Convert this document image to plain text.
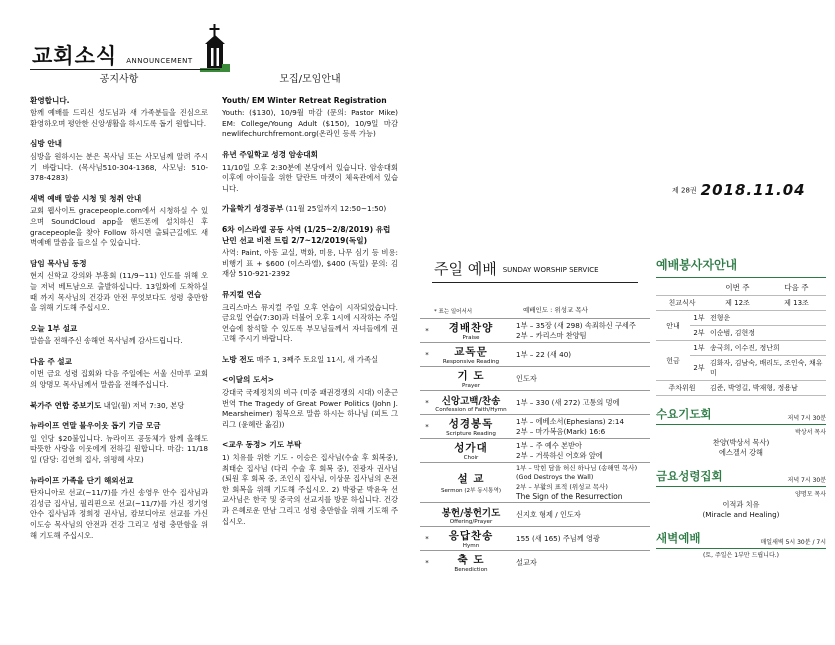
교회소식 ANNOUNCEMENT
공지사항
환영합니다.
함께 예배를 드리신 성도님과 새 가족분들을 진심으로 환영하오며 평안한 신앙생활을 하시도록 돕기 원합니다.
심방 안내
심방을 원하시는 분은 목사님 또는 사모님께 알려 주시기 바랍니다. (목사님510-304-1368, 사모님: 510-378-4283)
새벽 예배 말씀 시청 및 청취 안내
교회 웹사이트 gracepeople.com에서 시청하실 수 있으며 SoundCloud app을 핸드폰에 설치하신 후 gracepeople을 찾아 Follow 하시면 출퇴근길에도 새벽예배 말씀을 들으실 수 있습니다.
담임 목사님 동정
현지 신학교 강의와 부흥회 (11/9~11) 인도를 위해 오늘 저녁 베트남으로 출발하십니다. 13일화에 도착하실 때 까지 목사님의 건강과 안전 무엇보다도 성령 충만함을 위해 기도해 주십시오.
오늘 1부 설교
말씀을 전해주신 송해연 목사님께 감사드립니다.
다음 주 설교
이번 금요 성령 집회와 다음 주일에는 서울 신마루 교회의 양명모 목사님께서 말씀을 전해주십니다.
북가주 연합 중보기도 내일(월) 저녁 7:30, 본당
뉴라이프 연말 불우이웃 돕기 기금 모금
일 인당 $20불입니다. 뉴라이프 공동체가 함께 올해도 따뜻한 사랑을 이웃에게 전하길 원합니다. 마감: 11/18일 (담당: 김연희 집사, 위평혜 사모)
뉴라이프 가족을 단기 해외선교
탄자니아로 선교(~11/7)를 가신 송영우 안수 집사님과 김성금 집사님, 필리핀으로 선교(~11/7)를 가신 정기영 안수 집사님과 정희정 권사님, 캄보디아로 선교를 가신 이도승 목사님의 안전과 건강 그리고 성령 충만함을 위해 기도해 주십시오.
모집/모임안내
Youth/ EM Winter Retreat Registration
Youth: ($130), 10/9월 마감 (문의: Pastor Mike) EM: College/Young Adult ($150), 10/9일 마감 newlifechurchfremont.org(온라인 등록 가능)
유년 주일학교 성경 암송대회
11/10일 오후 2:30분에 본당에서 있습니다. 암송대회 이후에 아이들을 위한 달란트 마켓이 체육관에서 있습니다.
가을학기 성경공부 (11월 25일까지 12:50~1:50)
6차 이스라엘 공동 사역 (1/25~2/8/2019) 유럽 난민 선교 비전 트립 2/7~12/2019(독일)
사역: Paint, 아동 교실, 벽화, 미용, 나무 심기 등 비용: 비행기 표 + $600 (이스라엘), $400 (독일) 문의: 김재삼 510-921-2392
뮤지컬 연습
크리스마스 뮤지컬 주일 오후 연습이 시작되었습니다. 금요일 연습(7:30)과 더불어 오후 1시에 시작하는 주일 연습에 참석할 수 있도록 부모님들께서 자녀들에게 권고해 주시기 바랍니다.
노방 전도 매주 1, 3째주 토요일 11시, 새 가족실
<이달의 도서>
강대국 국제정치의 비극 (미중 패권경쟁의 시대) 이춘근 번역 The Tragedy of Great Power Politics (John J. Mearsheimer) 침묵으로 말씀 하시는 하나님 (피트 그리그 (윤혜란 옮김))
<교우 동정> 기도 부탁
1) 치유를 위한 기도 - 이승은 집사님(수술 후 회복중), 최태순 집사님 (다리 수술 후 회복 중), 진광자 권사님(퇴원 후 회복 중, 조인식 집사님, 이상문 집사님의 온전한 회복을 위해 기도해 주십시오. 2) 박광균 박윤옥 선교사님은 한국 및 중국의 선교지를 방문 하십니다. 건강과 은혜로운 만남 그리고 성령 충만함을 위해 기도해 주십시오.
제 28권 2018.11.04
주일 예배 SUNDAY WORSHIP SERVICE
* 표는 일어서서	예배인도 : 위성교 목사
*	경배찬양
Praise
1부 – 35장 (새 298) 속죄하신 구세주
2부 – 카리스마 찬양팀
*	교독문
Responsive Reading
1부 – 22 (새 40)
기 도
Prayer
인도자
*	신앙고백/찬송
Confession of Faith/Hymn
1부 – 330 (새 272) 고통의 멍에
*	성경봉독
Scripture Reading
1부 – 에베소서(Ephesians) 2:14
2부 – 마가복음(Mark) 16:6
성가대
Choir
1부 – 주 예수 본받아
2부 – 거룩하신 어호와 앞에
설 교
Sermon (2부 동시통역)
1부 – 막힌 담을 허신 하나님 (송해연 목사)
(God Destroys the Wall)
2부 – 부활의 표적 (위성교 목사)
The Sign of the Resurrection
봉헌/봉헌기도
Offering/Prayer
신지호 형제 / 인도자
*	응답찬송
Hymn
155 (새 165) 주님께 영광
*	축 도
Benediction
설교자
예배봉사자안내
		이번 주	다음 주
친교식사		제 12조	제 13조
안내	1부	전형운	
	2부	이순범, 김현정	
헌금	1부	송국희, 이수진, 정난희	
	2부	김화자, 김남숙, 배리도, 조인숙, 채유미	
주차위원		김준, 박영길, 박재형, 정용남	
수요기도회	저녁 7시 30분
박상서 목사
찬양(박상서 목사)
에스겔서 강해
금요성령집회	저녁 7시 30분
양명모 목사
이적과 치유
(Miracle and Healing)
새벽예배	매일새벽 5시 30분 / 7시
(토, 주일은 1부만 드립니다.)
